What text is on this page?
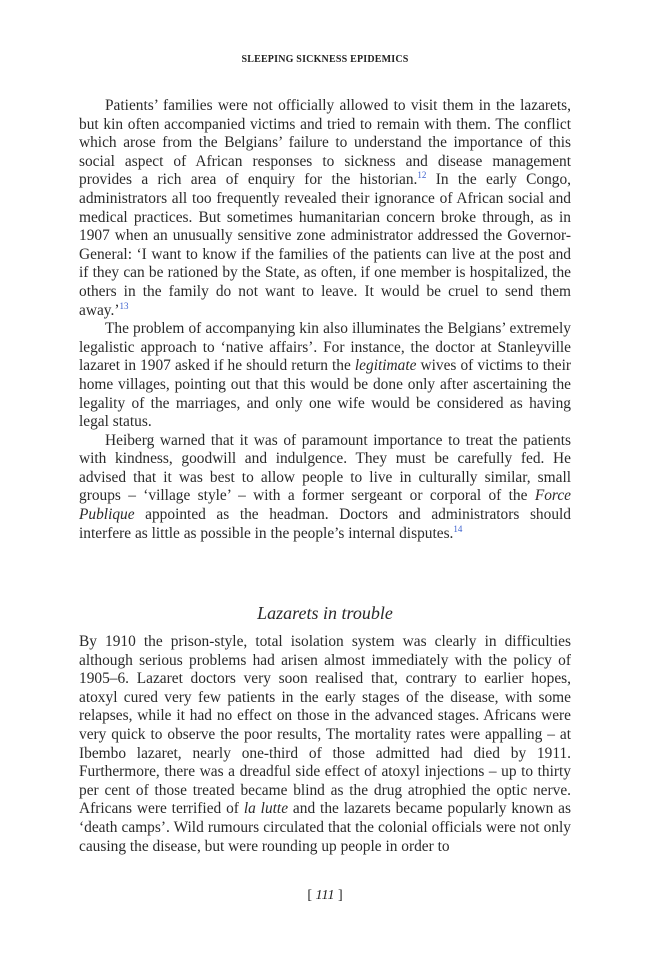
SLEEPING SICKNESS EPIDEMICS

Patients’ families were not officially allowed to visit them in the lazarets, but kin often accompanied victims and tried to remain with them. The conflict which arose from the Belgians’ failure to understand the importance of this social aspect of African responses to sickness and disease management provides a rich area of enquiry for the historian.$^{12}$ In the early Congo, administrators all too frequently revealed their ignorance of African social and medical practices. But sometimes humanitarian concern broke through, as in 1907 when an unusually sensitive zone administrator addressed the Governor-General: ‘I want to know if the families of the patients can live at the post and if they can be rationed by the State, as often, if one member is hospitalized, the others in the family do not want to leave. It would be cruel to send them away.’$^{13}$

The problem of accompanying kin also illuminates the Belgians’ extremely legalistic approach to ‘native affairs’. For instance, the doctor at Stanleyville lazaret in 1907 asked if he should return the legitimate wives of victims to their home villages, pointing out that this would be done only after ascertaining the legality of the marriages, and only one wife would be considered as having legal status.

Heiberg warned that it was of paramount importance to treat the patients with kindness, goodwill and indulgence. They must be carefully fed. He advised that it was best to allow people to live in culturally similar, small groups – ‘village style’ – with a former sergeant or corporal of the Force Publique appointed as the headman. Doctors and administrators should interfere as little as possible in the people’s internal disputes.$^{14}$

Lazarets in trouble

By 1910 the prison-style, total isolation system was clearly in difficulties although serious problems had arisen almost immediately with the policy of 1905–6. Lazaret doctors very soon realised that, contrary to earlier hopes, atoxyl cured very few patients in the early stages of the disease, with some relapses, while it had no effect on those in the advanced stages. Africans were very quick to observe the poor results, The mortality rates were appalling – at Ibembo lazaret, nearly one-third of those admitted had died by 1911. Furthermore, there was a dreadful side effect of atoxyl injections – up to thirty per cent of those treated became blind as the drug atrophied the optic nerve. Africans were terrified of la lutte and the lazarets became popularly known as ‘death camps’. Wild rumours circulated that the colonial officials were not only causing the disease, but were rounding up people in order to

[ 111 ]
